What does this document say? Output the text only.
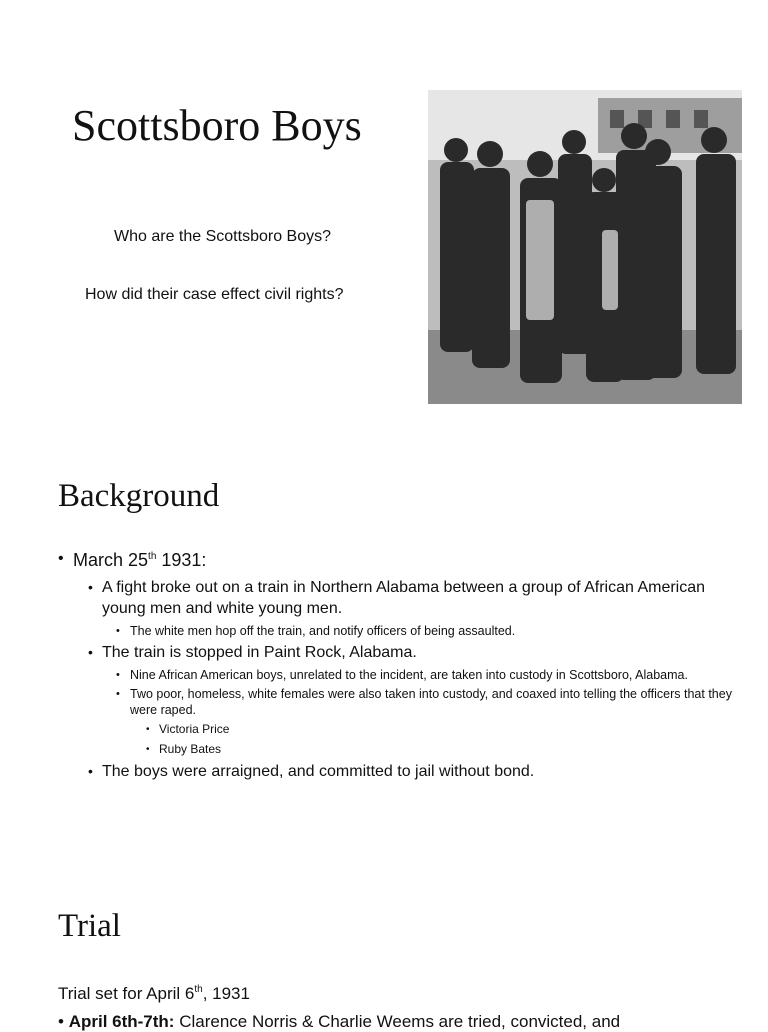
Scottsboro Boys
Who are the Scottsboro Boys?
How did their case effect civil rights?
Background
• March 25th 1931:
• A fight broke out on a train in Northern Alabama between a group of African American young men and white young men.
• The white men hop off the train, and notify officers of being assaulted.
• The train is stopped in Paint Rock, Alabama.
• Nine African American boys, unrelated to the incident, are taken into custody in Scottsboro, Alabama.
• Two poor, homeless, white females were also taken into custody, and coaxed into telling the officers that they were raped.
• Victoria Price
• Ruby Bates
• The boys were arraigned, and committed to jail without bond.
Trial
Trial set for April 6th, 1931
• April 6th-7th: Clarence Norris & Charlie Weems are tried, convicted, and
